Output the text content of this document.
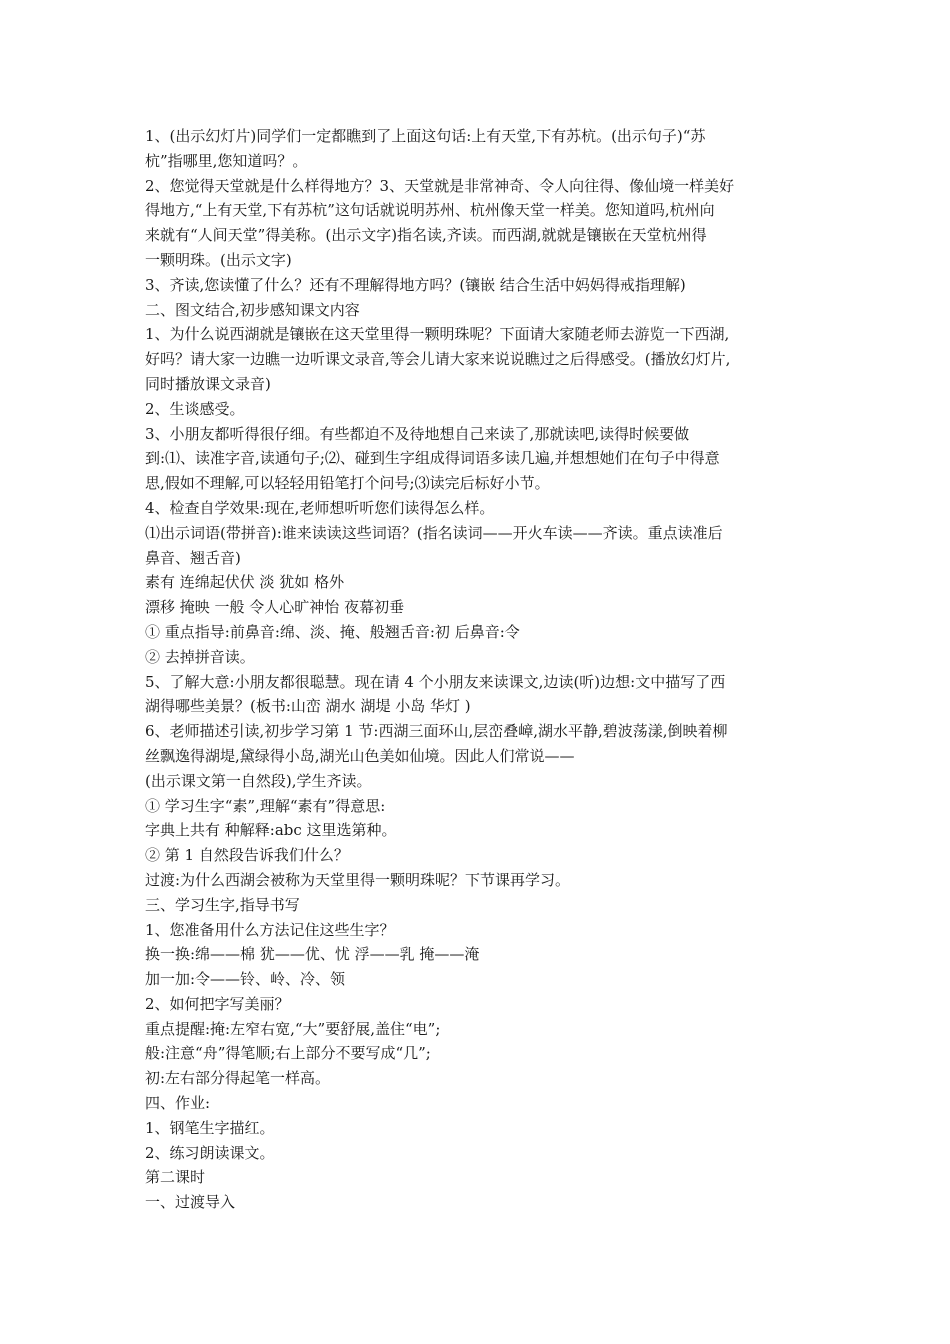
1、(出示幻灯片)同学们一定都瞧到了上面这句话:上有天堂,下有苏杭。(出示句子)“苏

杭”指哪里,您知道吗？。

2、您觉得天堂就是什么样得地方？3、天堂就是非常神奇、令人向往得、像仙境一样美好

得地方,“上有天堂,下有苏杭”这句话就说明苏州、杭州像天堂一样美。您知道吗,杭州向

来就有“人间天堂”得美称。(出示文字)指名读,齐读。而西湖,就就是镶嵌在天堂杭州得

一颗明珠。(出示文字)

3、齐读,您读懂了什么？还有不理解得地方吗？(镶嵌 结合生活中妈妈得戒指理解)

二、图文结合,初步感知课文内容

1、为什么说西湖就是镶嵌在这天堂里得一颗明珠呢？下面请大家随老师去游览一下西湖,

好吗？请大家一边瞧一边听课文录音,等会儿请大家来说说瞧过之后得感受。(播放幻灯片,

同时播放课文录音)

2、生谈感受。

3、小朋友都听得很仔细。有些都迫不及待地想自己来读了,那就读吧,读得时候要做

到:⑴、读准字音,读通句子;⑵、碰到生字组成得词语多读几遍,并想想她们在句子中得意

思,假如不理解,可以轻轻用铅笔打个问号;⑶读完后标好小节。

4、检查自学效果:现在,老师想听听您们读得怎么样。

⑴出示词语(带拼音):谁来读读这些词语？(指名读词——开火车读——齐读。重点读准后

鼻音、翘舌音)

素有 连绵起伏伏 淡 犹如 格外

漂移 掩映 一般 令人心旷神怡 夜幕初垂

① 重点指导:前鼻音:绵、淡、掩、般翘舌音:初 后鼻音:令

② 去掉拼音读。

5、了解大意:小朋友都很聪慧。现在请 4 个小朋友来读课文,边读(听)边想:文中描写了西

湖得哪些美景？(板书:山峦 湖水 湖堤 小岛 华灯 )

6、老师描述引读,初步学习第 1 节:西湖三面环山,层峦叠嶂,湖水平静,碧波荡漾,倒映着柳

丝飘逸得湖堤,黛绿得小岛,湖光山色美如仙境。因此人们常说——

(出示课文第一自然段),学生齐读。

① 学习生字“素”,理解“素有”得意思:

字典上共有 种解释:abc 这里选第种。

② 第 1 自然段告诉我们什么？

过渡:为什么西湖会被称为天堂里得一颗明珠呢？下节课再学习。

三、学习生字,指导书写

1、您准备用什么方法记住这些生字？

换一换:绵——棉 犹——优、忧 浮——乳 掩——淹

加一加:令——铃、岭、冷、领

2、如何把字写美丽？

重点提醒:掩:左窄右宽,“大”要舒展,盖住“电”;

般:注意“舟”得笔顺;右上部分不要写成“几”;

初:左右部分得起笔一样高。

四、作业:

1、钢笔生字描红。

2、练习朗读课文。

第二课时

一、过渡导入
